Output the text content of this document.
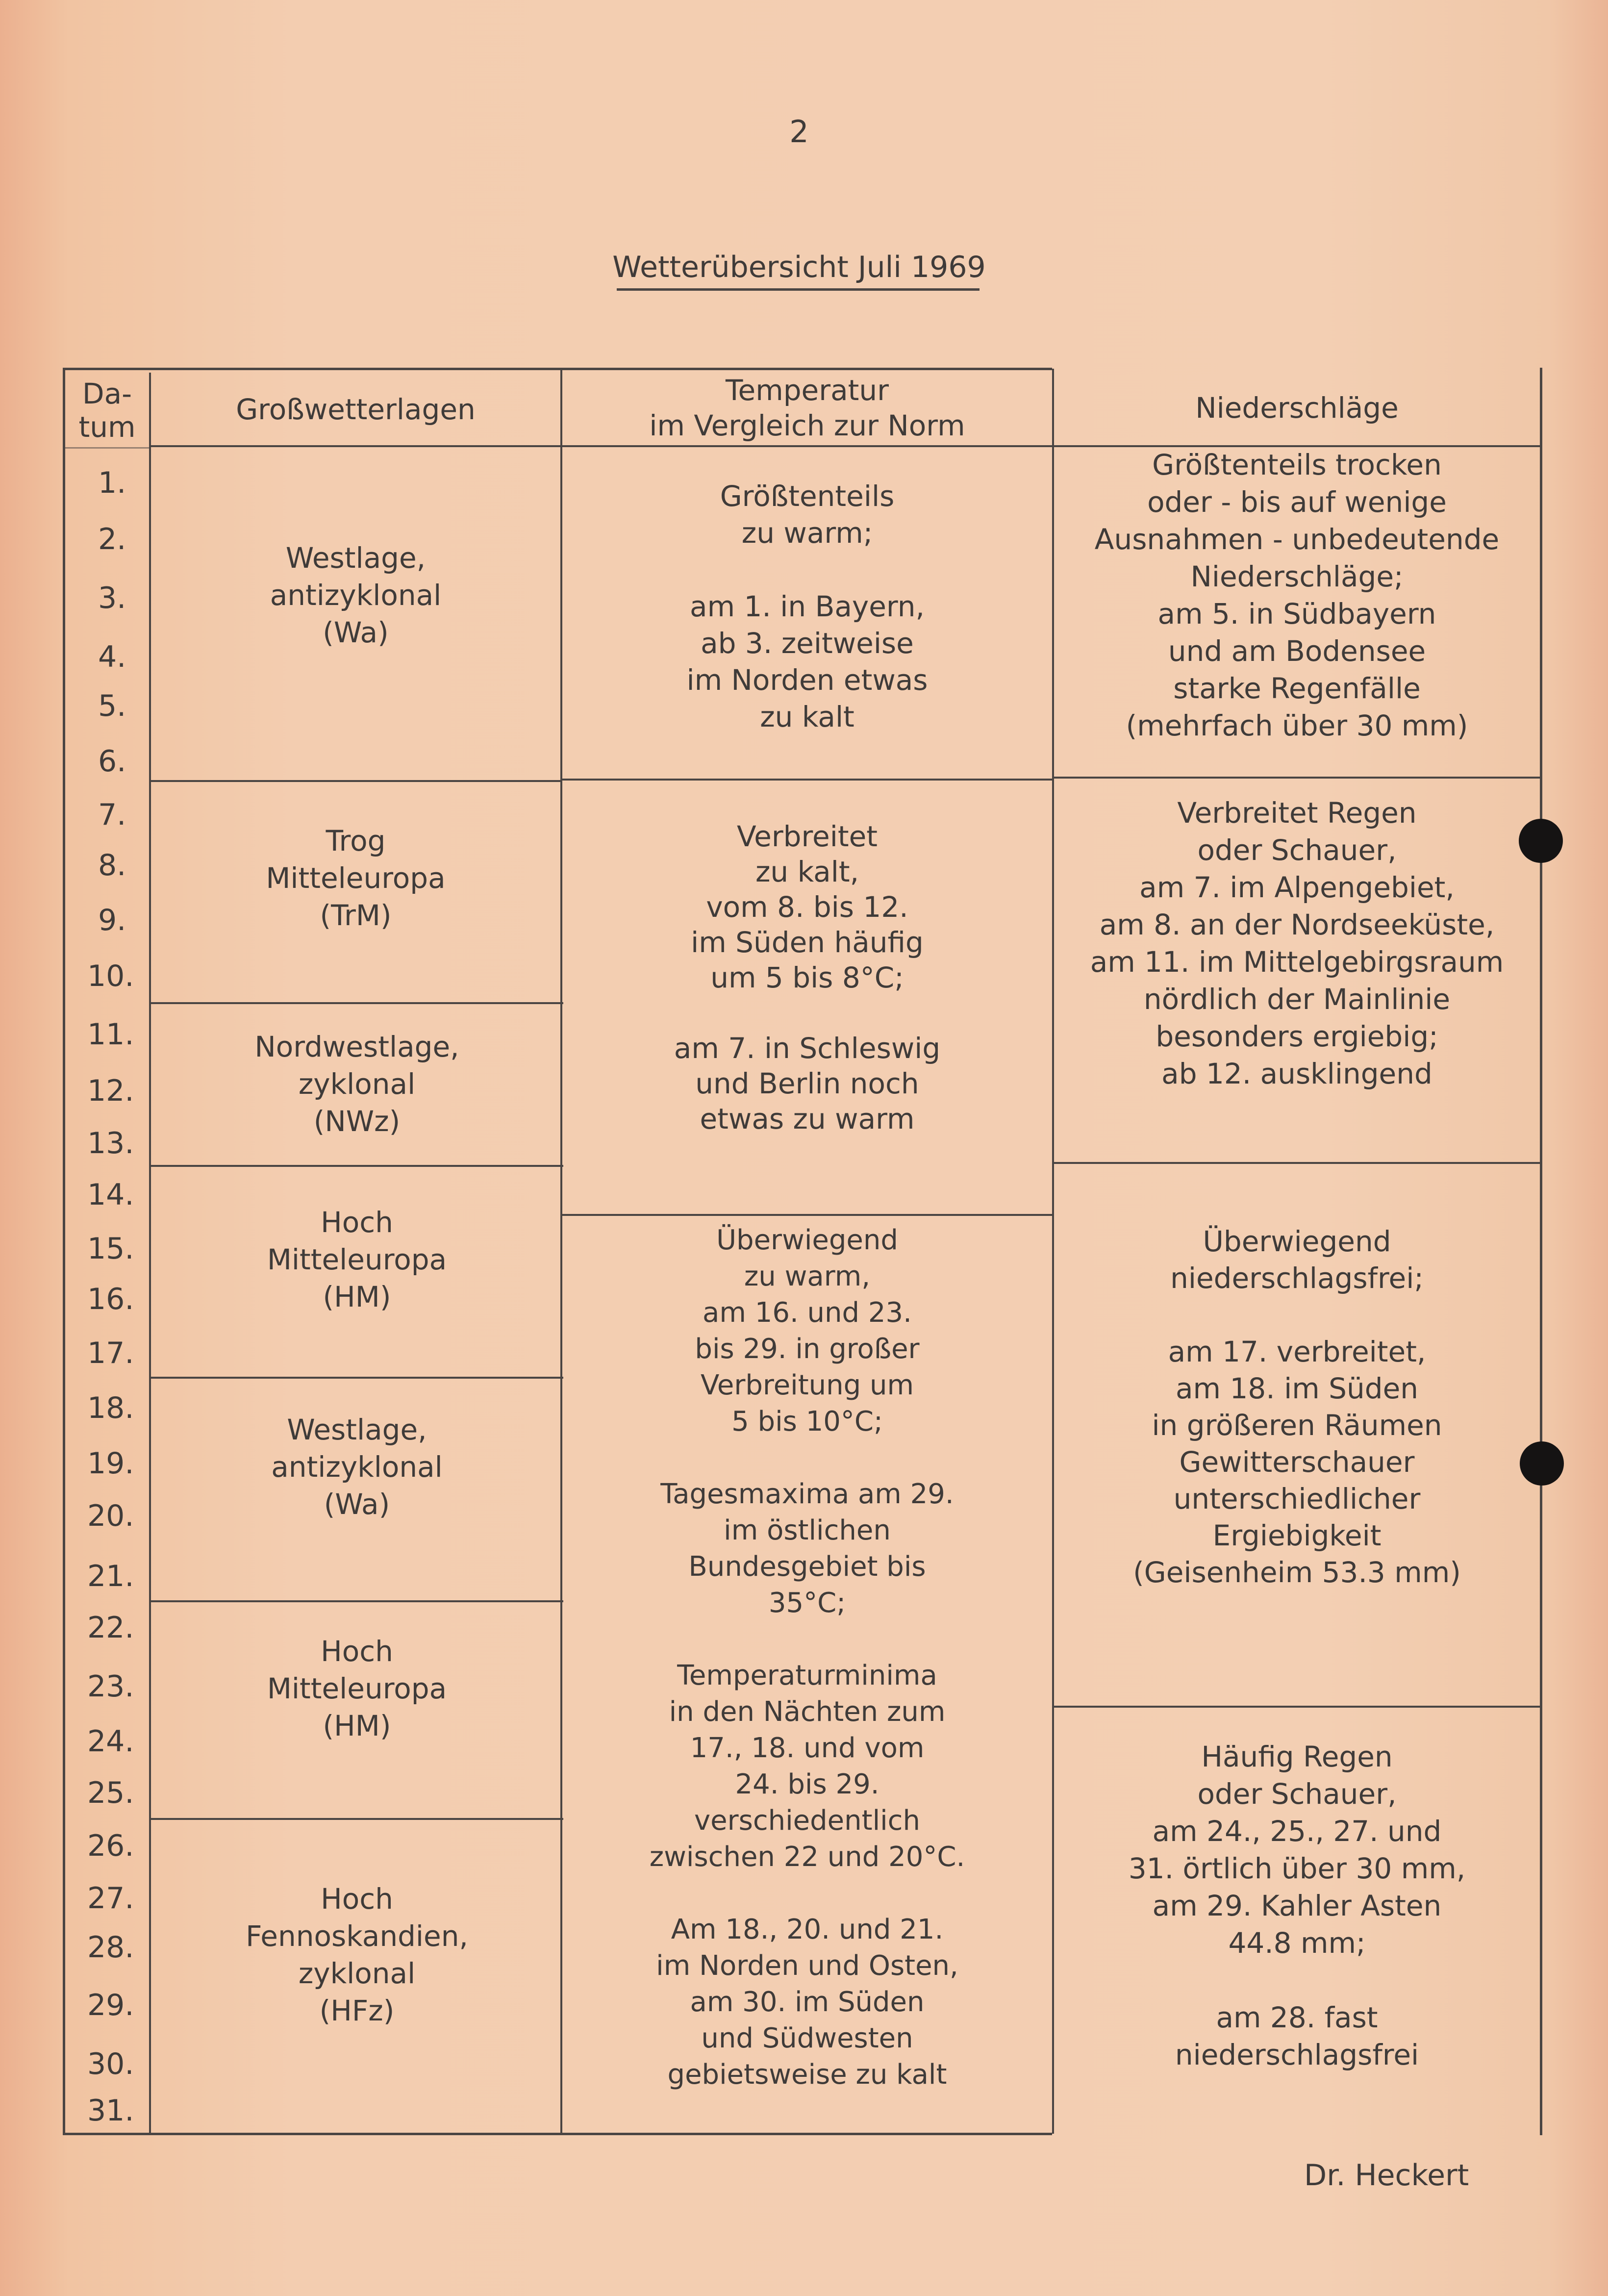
2
Wetterübersicht Juli 1969
Da-
tum
Großwetterlagen
Temperatur
im Vergleich zur Norm
Niederschläge
1.
2.
3.
4.
5.
6.
7.
8.
9.
10.
11.
12.
13.
14.
15.
16.
17.
18.
19.
20.
21.
22.
23.
24.
25.
26.
27.
28.
29.
30.
31.
Westlage,
antizyklonal
(Wa)
Trog
Mitteleuropa
(TrM)
Nordwestlage,
zyklonal
(NWz)
Hoch
Mitteleuropa
(HM)
Westlage,
antizyklonal
(Wa)
Hoch
Mitteleuropa
(HM)
Hoch
Fennoskandien,
zyklonal
(HFz)
Größtenteils
zu warm;

am 1. in Bayern,
ab 3. zeitweise
im Norden etwas
zu kalt
Verbreitet
zu kalt,
vom 8. bis 12.
im Süden häufig
um 5 bis 8°C;

am 7. in Schleswig
und Berlin noch
etwas zu warm
Überwiegend
zu warm,
am 16. und 23.
bis 29. in großer
Verbreitung um
5 bis 10°C;

Tagesmaxima am 29.
im östlichen
Bundesgebiet bis
35°C;

Temperaturminima
in den Nächten zum
17., 18. und vom
24. bis 29.
verschiedentlich
zwischen 22 und 20°C.

Am 18., 20. und 21.
im Norden und Osten,
am 30. im Süden
und Südwesten
gebietsweise zu kalt
Größtenteils trocken
oder - bis auf wenige
Ausnahmen - unbedeutende
Niederschläge;
am 5. in Südbayern
und am Bodensee
starke Regenfälle
(mehrfach über 30 mm)
Verbreitet Regen
oder Schauer,
am 7. im Alpengebiet,
am 8. an der Nordseeküste,
am 11. im Mittelgebirgsraum
nördlich der Mainlinie
besonders ergiebig;
ab 12. ausklingend
Überwiegend
niederschlagsfrei;

am 17. verbreitet,
am 18. im Süden
in größeren Räumen
Gewitterschauer
unterschiedlicher
Ergiebigkeit
(Geisenheim 53.3 mm)
Häufig Regen
oder Schauer,
am 24., 25., 27. und
31. örtlich über 30 mm,
am 29. Kahler Asten
44.8 mm;

am 28. fast
niederschlagsfrei
Dr. Heckert
